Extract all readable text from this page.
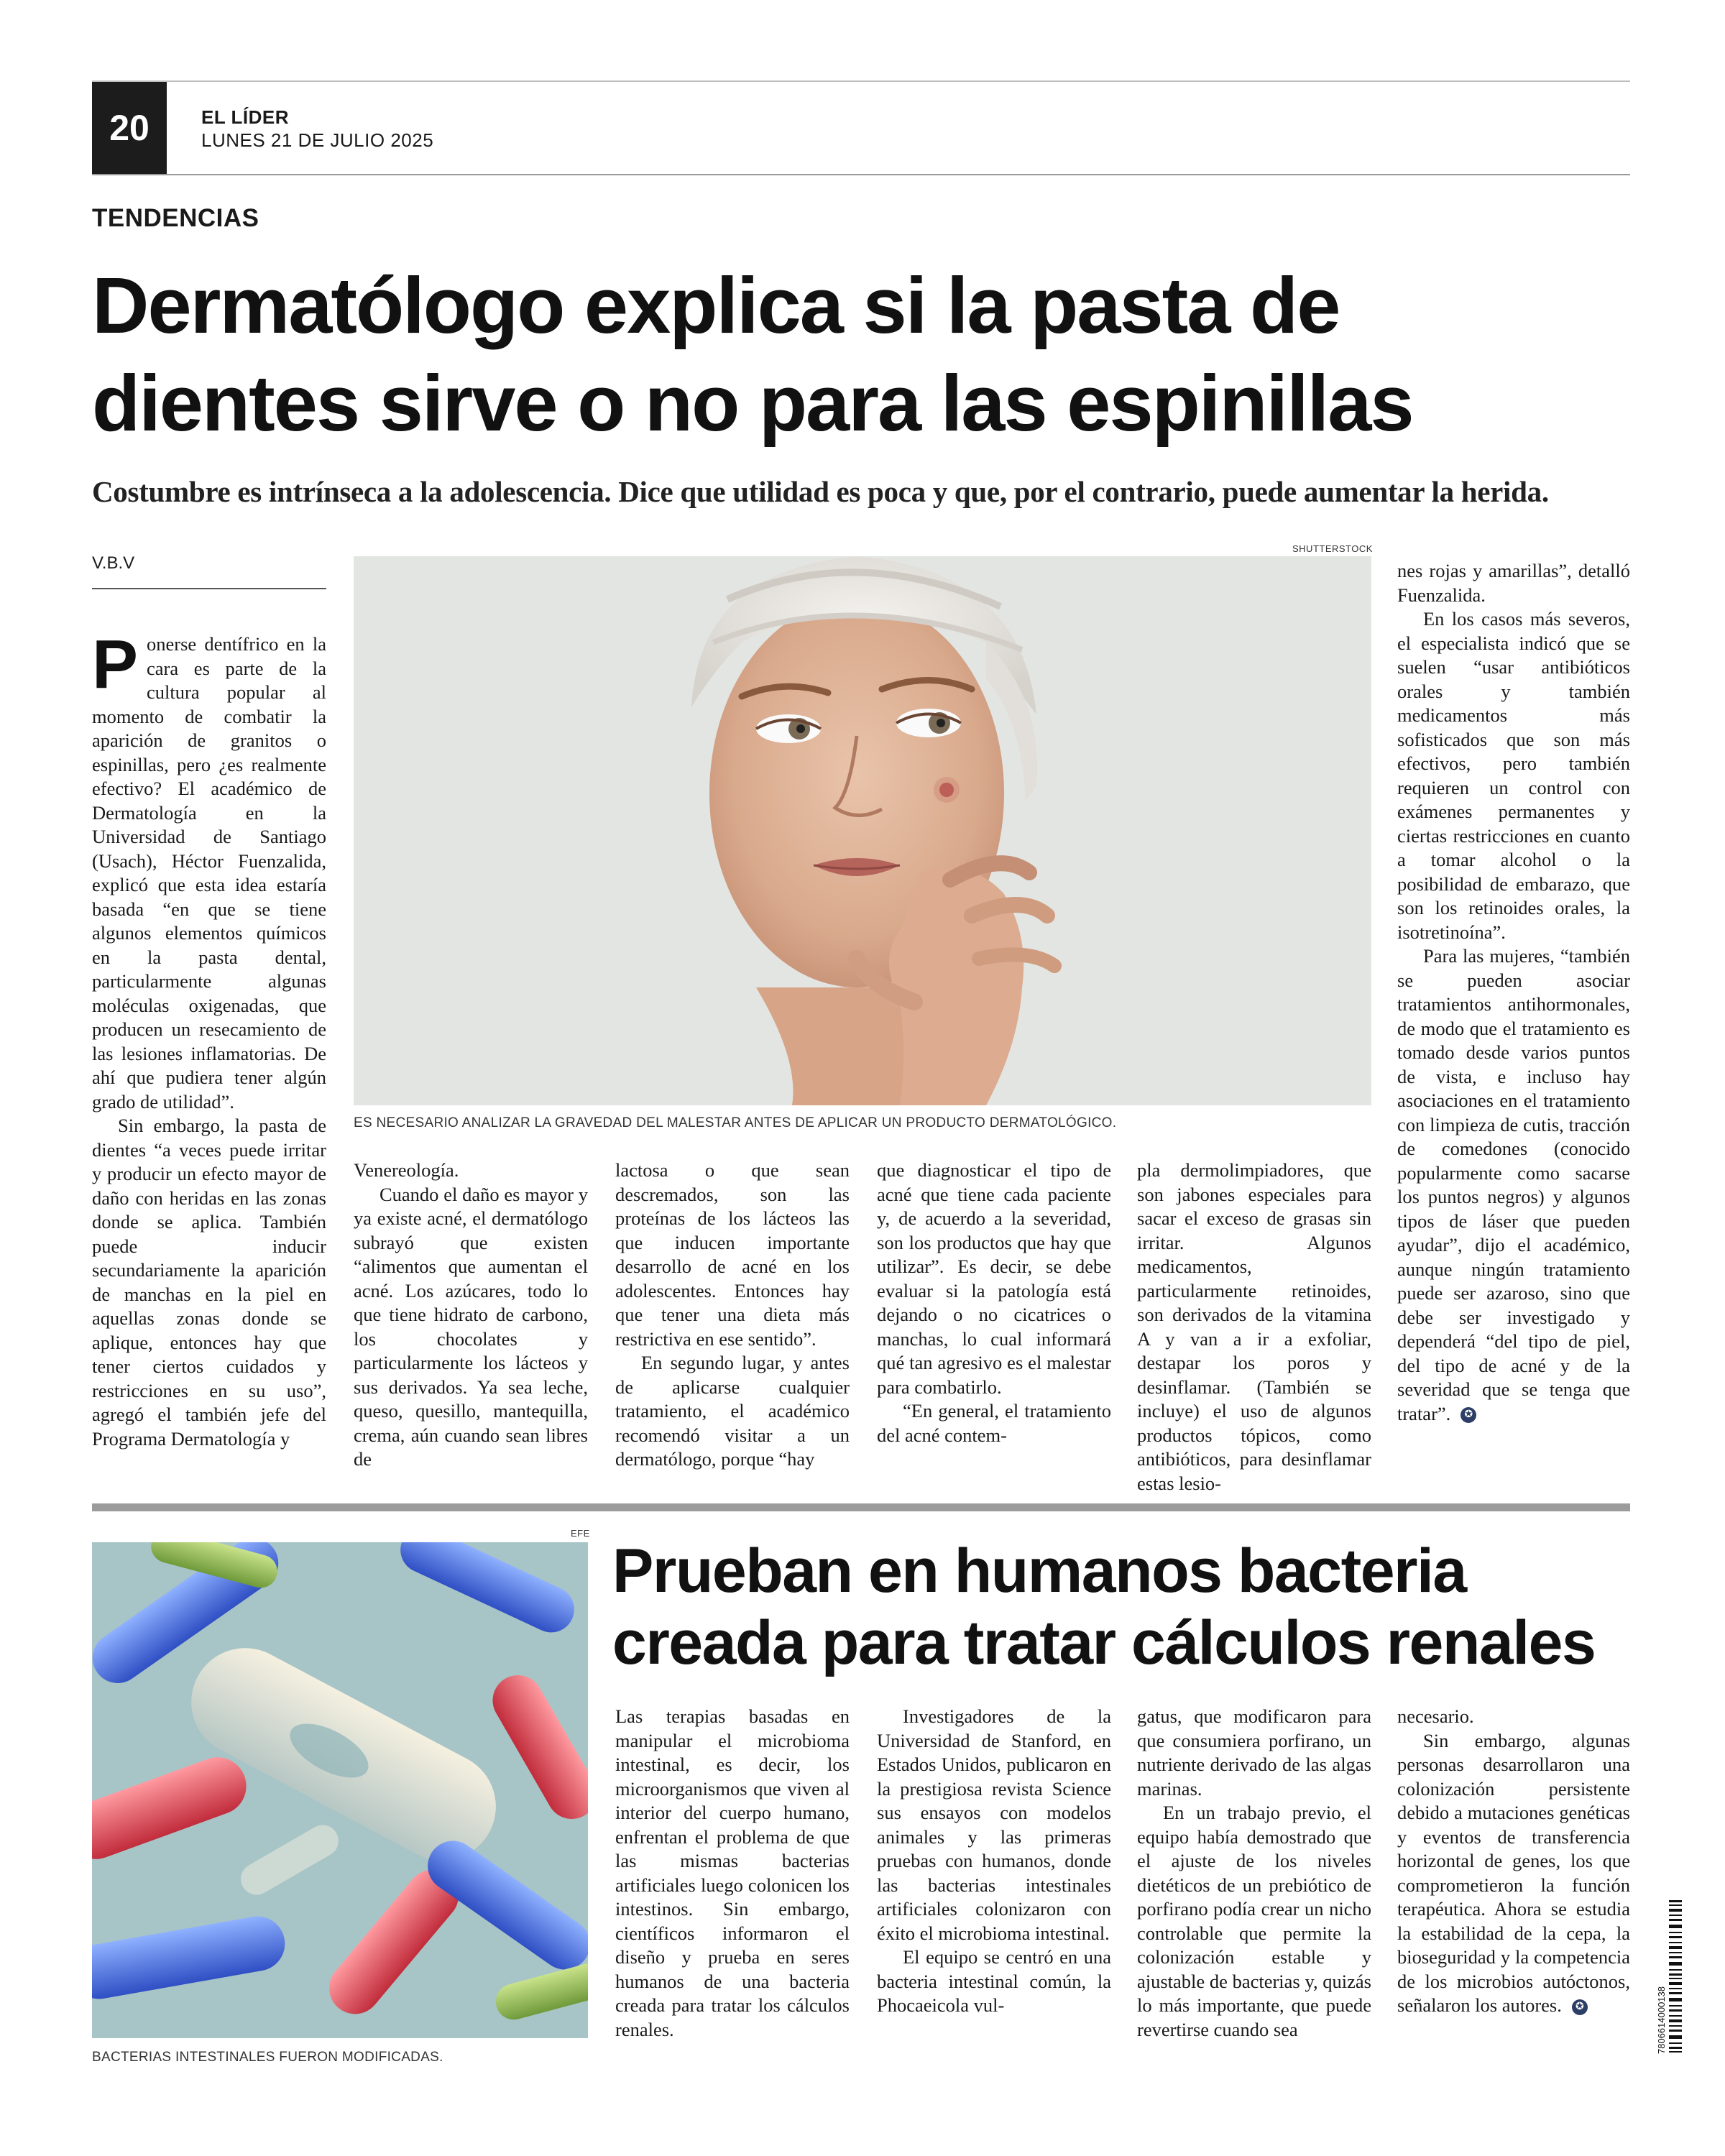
20	EL LÍDER
LUNES 21 DE JULIO 2025
TENDENCIAS
Dermatólogo explica si la pasta de
dientes sirve o no para las espinillas
Costumbre es intrínseca a la adolescencia. Dice que utilidad es poca y que, por el contrario, puede aumentar la herida.
V.B.V
SHUTTERSTOCK
ES NECESARIO ANALIZAR LA GRAVEDAD DEL MALESTAR ANTES DE APLICAR UN PRODUCTO DERMATOLÓGICO.

Ponerse dentífrico en la cara es parte de la cultura popular al momento de combatir la aparición de granitos o espinillas, pero ¿es realmente efectivo? El académico de Dermatología en la Universidad de Santiago (Usach), Héctor Fuenzalida, explicó que esta idea estaría basada “en que se tiene algunos elementos químicos en la pasta dental, particularmente algunas moléculas oxigenadas, que producen un resecamiento de las lesiones inflamatorias. De ahí que pudiera tener algún grado de utilidad”.

Sin embargo, la pasta de dientes “a veces puede irritar y producir un efecto mayor de daño con heridas en las zonas donde se aplica. También puede inducir secundariamente la aparición de manchas en la piel en aquellas zonas donde se aplique, entonces hay que tener ciertos cuidados y restricciones en su uso”, agregó el también jefe del Programa Dermatología y

Venereología.

Cuando el daño es mayor y ya existe acné, el dermatólogo subrayó que existen “alimentos que aumentan el acné. Los azúcares, todo lo que tiene hidrato de carbono, los chocolates y particularmente los lácteos y sus derivados. Ya sea leche, queso, quesillo, mantequilla, crema, aún cuando sean libres de

lactosa o que sean descremados, son las proteínas de los lácteos las que inducen importante desarrollo de acné en los adolescentes. Entonces hay que tener una dieta más restrictiva en ese sentido”.

En segundo lugar, y antes de aplicarse cualquier tratamiento, el académico recomendó visitar a un dermatólogo, porque “hay

que diagnosticar el tipo de acné que tiene cada paciente y, de acuerdo a la severidad, son los productos que hay que utilizar”. Es decir, se debe evaluar si la patología está dejando o no cicatrices o manchas, lo cual informará qué tan agresivo es el malestar para combatirlo.

“En general, el tratamiento del acné contem-

pla dermolimpiadores, que son jabones especiales para sacar el exceso de grasas sin irritar. Algunos medicamentos, particularmente retinoides, son derivados de la vitamina A y van a ir a exfoliar, destapar los poros y desinflamar. (También se incluye) el uso de algunos productos tópicos, como antibióticos, para desinflamar estas lesio-

nes rojas y amarillas”, detalló Fuenzalida.

En los casos más severos, el especialista indicó que se suelen “usar antibióticos orales y también medicamentos más sofisticados que son más efectivos, pero también requieren un control con exámenes permanentes y ciertas restricciones en cuanto a tomar alcohol o la posibilidad de embarazo, que son los retinoides orales, la isotretinoína”.

Para las mujeres, “también se pueden asociar tratamientos antihormonales, de modo que el tratamiento es tomado desde varios puntos de vista, e incluso hay asociaciones en el tratamiento con limpieza de cutis, tracción de comedones (conocido popularmente como sacarse los puntos negros) y algunos tipos de láser que pueden ayudar”, dijo el académico, aunque ningún tratamiento puede ser azaroso, sino que debe ser investigado y dependerá “del tipo de piel, del tipo de acné y de la severidad que se tenga que tratar”. ✪

EFE
BACTERIAS INTESTINALES FUERON MODIFICADAS.
Prueban en humanos bacteria
creada para tratar cálculos renales

Las terapias basadas en manipular el microbioma intestinal, es decir, los microorganismos que viven al interior del cuerpo humano, enfrentan el problema de que las mismas bacterias artificiales luego colonicen los intestinos. Sin embargo, científicos informaron el diseño y prueba en seres humanos de una bacteria creada para tratar los cálculos renales.

Investigadores de la Universidad de Stanford, en Estados Unidos, publicaron en la prestigiosa revista Science sus ensayos con modelos animales y las primeras pruebas con humanos, donde las bacterias intestinales artificiales colonizaron con éxito el microbioma intestinal.

El equipo se centró en una bacteria intestinal común, la Phocaeicola vul-

gatus, que modificaron para que consumiera porfirano, un nutriente derivado de las algas marinas.

En un trabajo previo, el equipo había demostrado que el ajuste de los niveles dietéticos de un prebiótico de porfirano podía crear un nicho controlable que permite la colonización estable y ajustable de bacterias y, quizás lo más importante, que puede revertirse cuando sea

necesario.

Sin embargo, algunas personas desarrollaron una colonización persistente debido a mutaciones genéticas y eventos de transferencia horizontal de genes, los que comprometieron la función terapéutica. Ahora se estudia la estabilidad de la cepa, la bioseguridad y la competencia de los microbios autóctonos, señalaron los autores. ✪	7806614000138
